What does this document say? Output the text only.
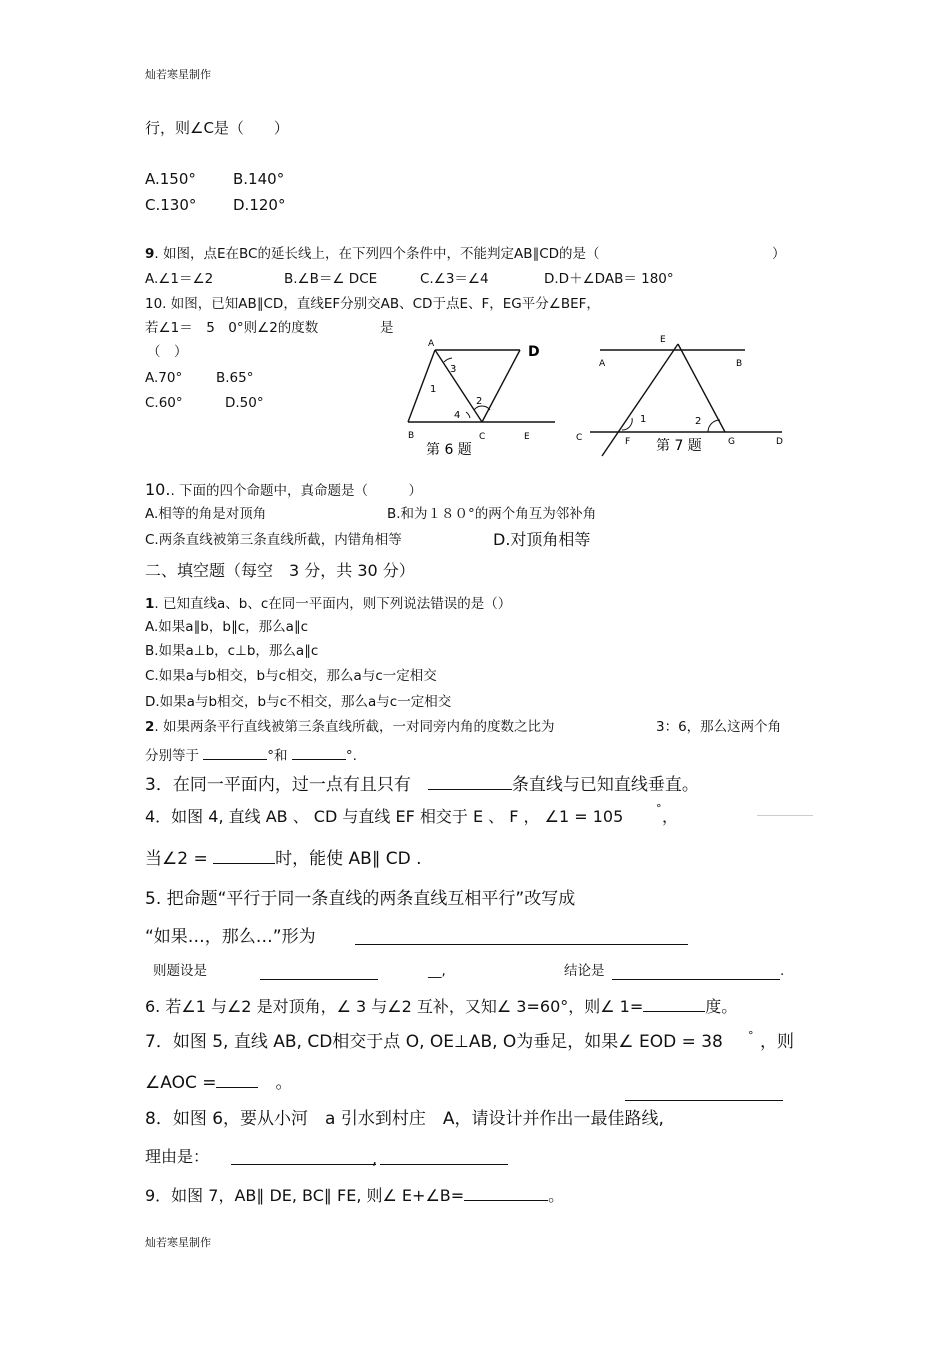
灿若寒星制作
行，则∠C是（　　）
A.150° B.140°
C.130° D.120°
9. 如图，点E在BC的延长线上，在下列四个条件中，不能判定AB∥CD的是（	）
A.∠1＝∠2	B.∠B＝∠ DCE	C.∠3＝∠4	D.D＋∠DAB＝ 180°
10. 如图，已知AB∥CD，直线EF分别交AB、CD于点E、F，EG平分∠BEF，
若∠1＝　5　0°则∠2的度数	是
（　）
A.70°	B.65°
C.60°	D.50°
A	D
B	C	E
1
2
3
4
第 6 题
A
E
B
C	F	G	D
1	2
第 7 题
10.. 下面的四个命题中，真命题是（　　　）
A.相等的角是对顶角	B.和为１８０°的两个角互为邻补角
C.两条直线被第三条直线所截，内错角相等	D.对顶角相等
二、填空题（每空　3 分，共 30 分）
1. 已知直线a、b、c在同一平面内，则下列说法错误的是（）
A.如果a∥b，b∥c，那么a∥c
B.如果a⊥b，c⊥b，那么a∥c
C.如果a与b相交，b与c相交，那么a与c一定相交
D.如果a与b相交，b与c不相交，那么a与c一定相交
2. 如果两条平行直线被第三条直线所截，一对同旁内角的度数之比为	3：6，那么这两个角
分别等于	°和	°.
3．在同一平面内，过一点有且只有　	条直线与已知直线垂直。
4．如图 4, 直线 AB 、 CD 与直线 EF 相交于 E 、 F ， ∠1 = 105	° ，
当∠2 =	时，能使 AB∥ CD .
5. 把命题“平行于同一条直线的两条直线互相平行”改写成
“如果…，那么…”形为
则题设是	__,	结论是	.
6. 若∠1 与∠2 是对顶角，∠ 3 与∠2 互补，又知∠ 3=60°，则∠ 1=	度。
7．如图 5, 直线 AB, CD相交于点 O, OE⊥AB, O为垂足，如果∠ EOD = 38 ° ，则
∠AOC =　	。
8．如图 6，要从小河　a 引水到村庄　A，请设计并作出一最佳路线,
理由是：	,
9．如图 7，AB∥ DE, BC∥ FE, 则∠ E+∠B=	。
灿若寒星制作
